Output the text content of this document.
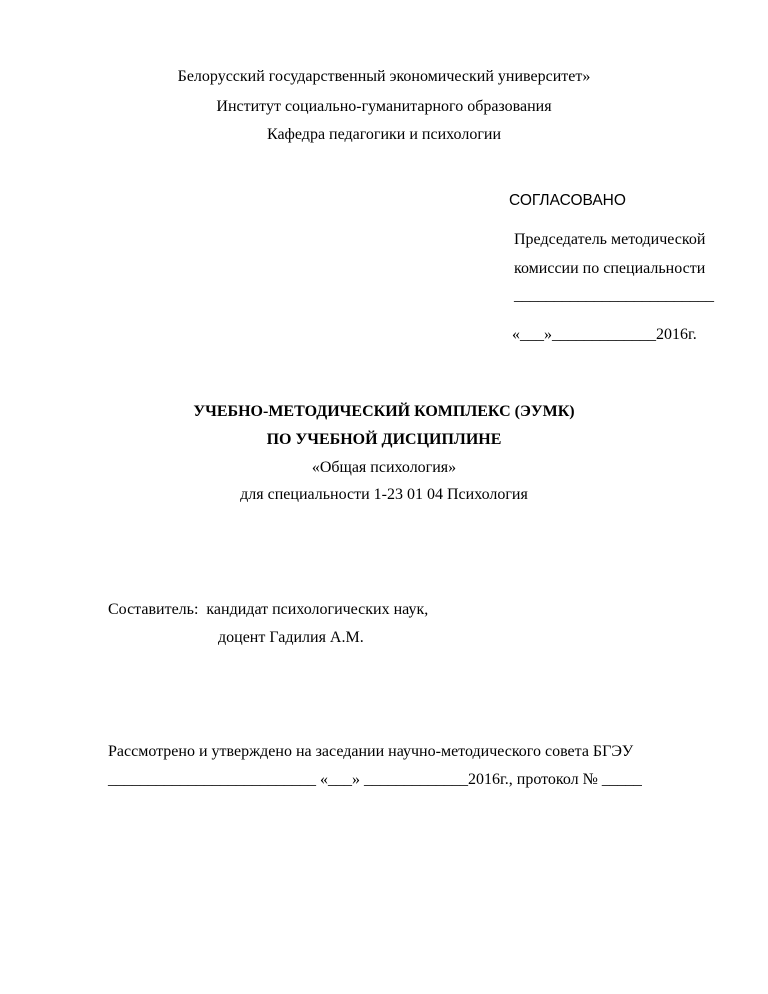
Белорусский государственный экономический университет»
Институт социально-гуманитарного образования
Кафедра педагогики и психологии
СОГЛАСОВАНО
Председатель методической
комиссии по специальности
_________________________
«___»_____________2016г.
УЧЕБНО-МЕТОДИЧЕСКИЙ КОМПЛЕКС (ЭУМК)
ПО УЧЕБНОЙ ДИСЦИПЛИНЕ
«Общая психология»
для специальности 1-23 01 04 Психология
Составитель:  кандидат психологических наук,
доцент Гадилия А.М.
Рассмотрено и утверждено на заседании научно-методического совета БГЭУ
__________________________ «___» _____________2016г., протокол № _____
